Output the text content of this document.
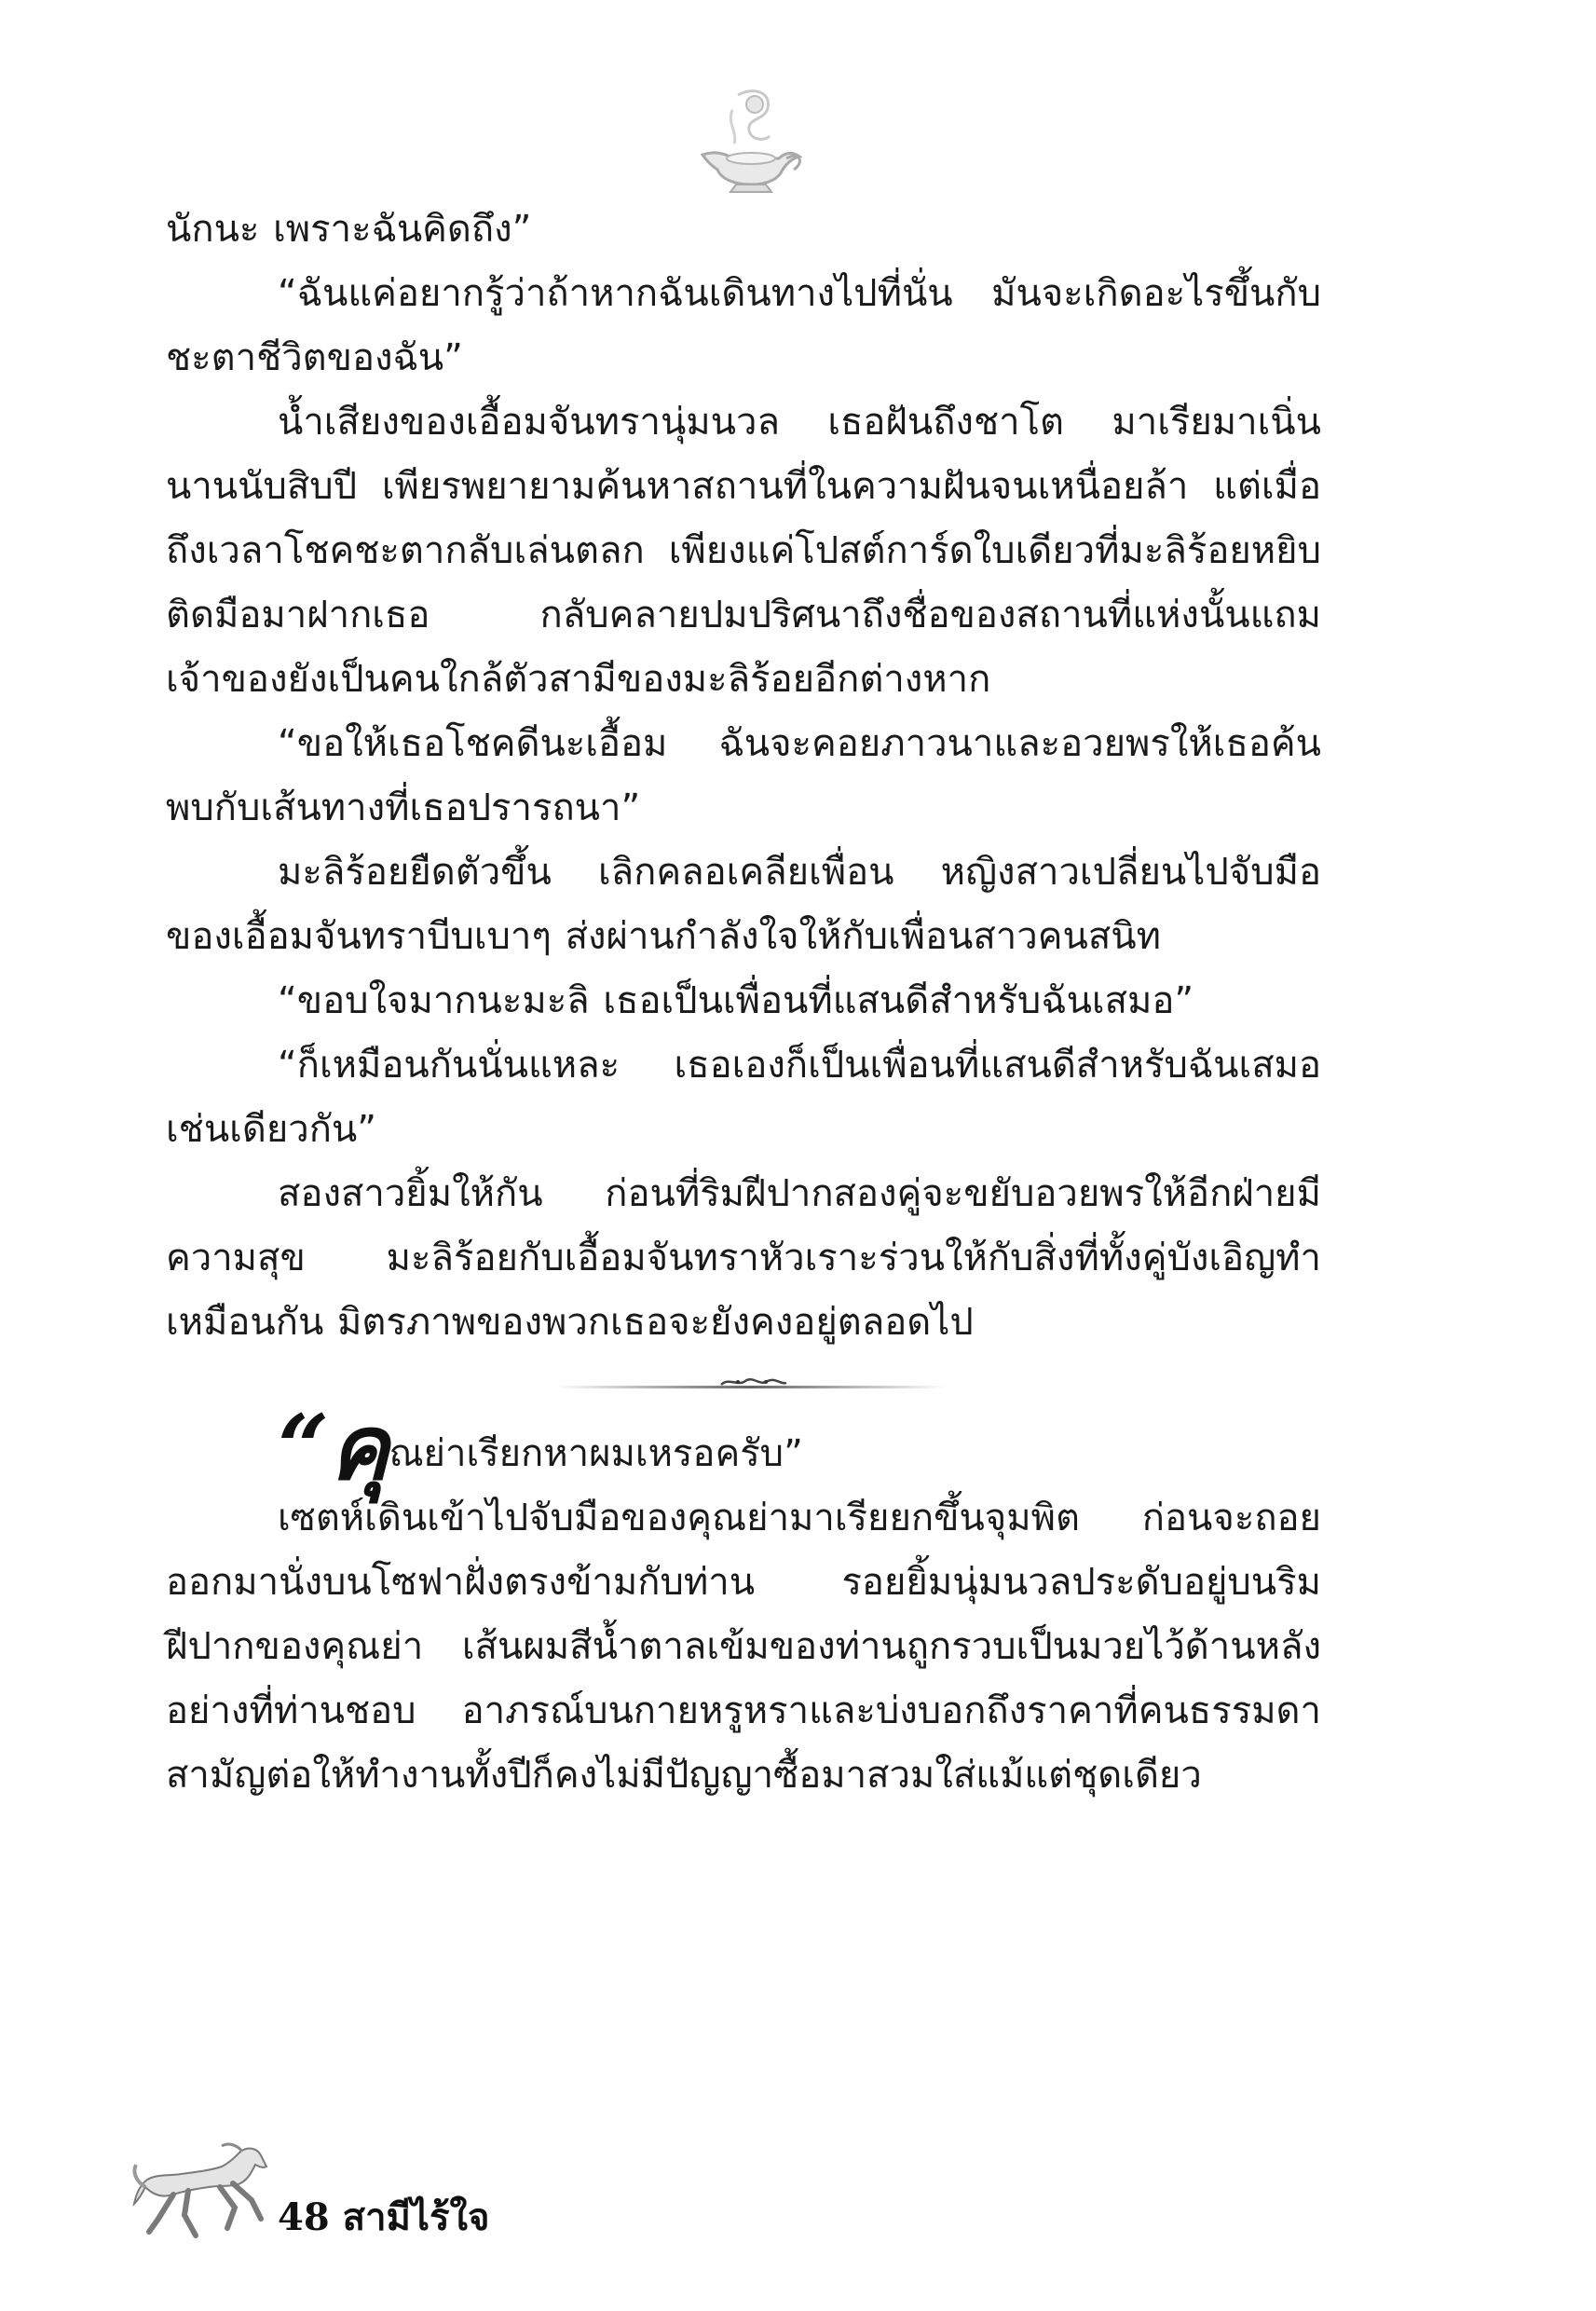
นักนะ เพราะฉันคิดถึง”

“ฉันแค่อยากรู้ว่าถ้าหากฉันเดินทางไปที่นั่น มันจะเกิดอะไรขึ้นกับชะตาชีวิตของฉัน”

น้ำเสียงของเอื้อมจันทรานุ่มนวล เธอฝันถึงชาโต มาเรียมาเนิ่นนานนับสิบปี เพียรพยายามค้นหาสถานที่ในความฝันจนเหนื่อยล้า แต่เมื่อถึงเวลาโชคชะตากลับเล่นตลก เพียงแค่โปสต์การ์ดใบเดียวที่มะลิร้อยหยิบติดมือมาฝากเธอ กลับคลายปมปริศนาถึงชื่อของสถานที่แห่งนั้นแถมเจ้าของยังเป็นคนใกล้ตัวสามีของมะลิร้อยอีกต่างหาก

“ขอให้เธอโชคดีนะเอื้อม ฉันจะคอยภาวนาและอวยพรให้เธอค้นพบกับเส้นทางที่เธอปรารถนา”

มะลิร้อยยืดตัวขึ้น เลิกคลอเคลียเพื่อน หญิงสาวเปลี่ยนไปจับมือของเอื้อมจันทราบีบเบาๆ ส่งผ่านกำลังใจให้กับเพื่อนสาวคนสนิท

“ขอบใจมากนะมะลิ เธอเป็นเพื่อนที่แสนดีสำหรับฉันเสมอ”

“ก็เหมือนกันนั่นแหละ เธอเองก็เป็นเพื่อนที่แสนดีสำหรับฉันเสมอเช่นเดียวกัน”

สองสาวยิ้มให้กัน ก่อนที่ริมฝีปากสองคู่จะขยับอวยพรให้อีกฝ่ายมีความสุข มะลิร้อยกับเอื้อมจันทราหัวเราะร่วนให้กับสิ่งที่ทั้งคู่บังเอิญทำเหมือนกัน มิตรภาพของพวกเธอจะยังคงอยู่ตลอดไป

“คุณย่าเรียกหาผมเหรอครับ”

เซตห์เดินเข้าไปจับมือของคุณย่ามาเรียยกขึ้นจุมพิต ก่อนจะถอยออกมานั่งบนโซฟาฝั่งตรงข้ามกับท่าน รอยยิ้มนุ่มนวลประดับอยู่บนริมฝีปากของคุณย่า เส้นผมสีน้ำตาลเข้มของท่านถูกรวบเป็นมวยไว้ด้านหลังอย่างที่ท่านชอบ อาภรณ์บนกายหรูหราและบ่งบอกถึงราคาที่คนธรรมดาสามัญต่อให้ทำงานทั้งปีก็คงไม่มีปัญญาซื้อมาสวมใส่แม้แต่ชุดเดียว

48 สามีไร้ใจ
